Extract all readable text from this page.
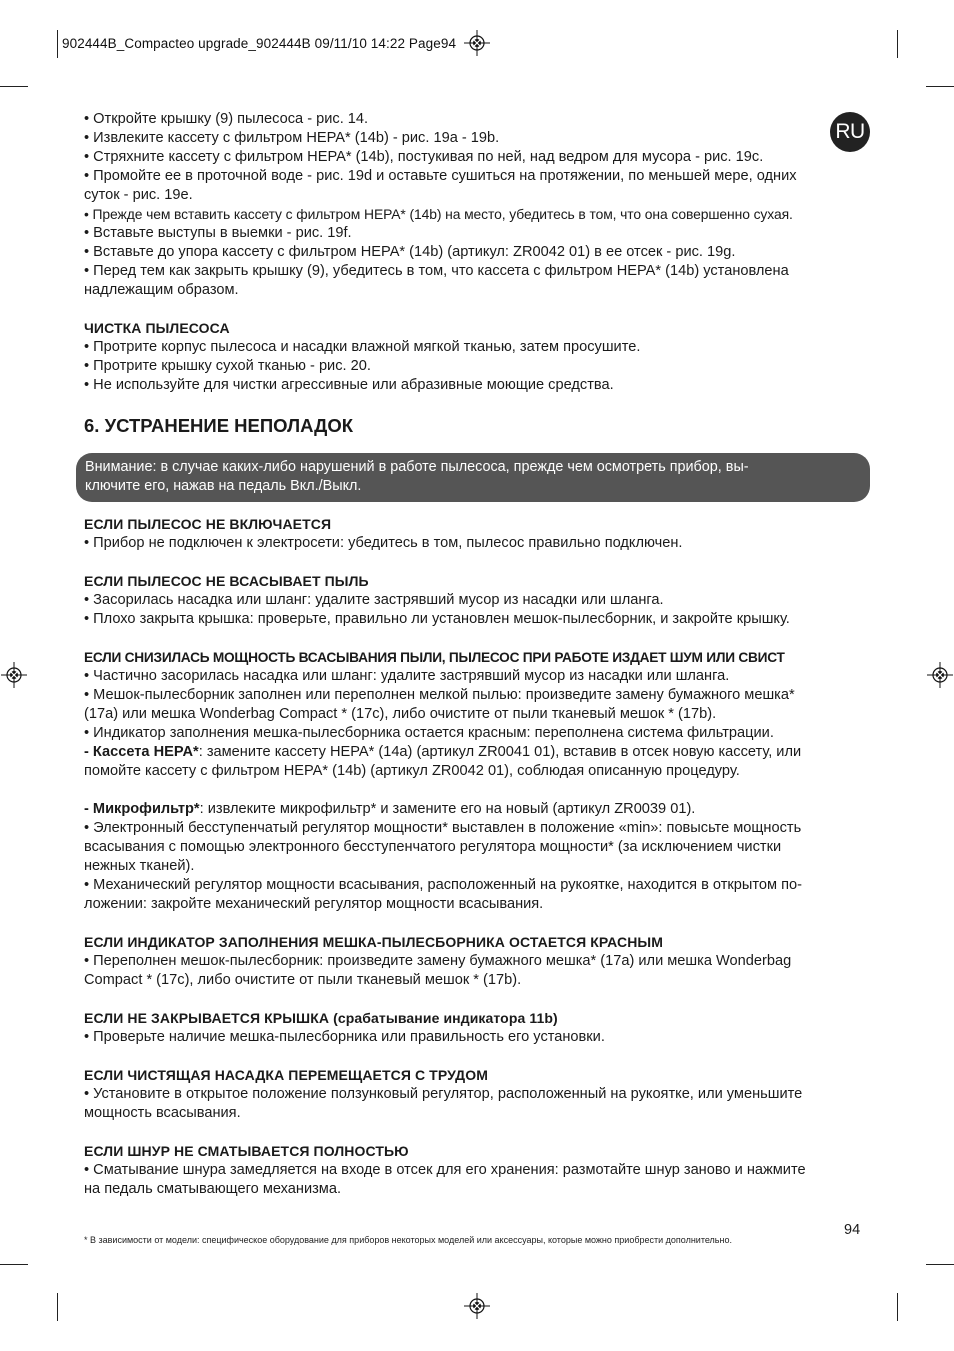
902444B_Compacteo upgrade_902444B 09/11/10 14:22 Page94
RU

• Откройте крышку (9) пылесоса - рис. 14.

• Извлеките кассету с фильтром HEPA* (14b) - рис. 19a - 19b.

• Стряхните кассету с фильтром HEPA* (14b), постукивая по ней, над ведром для мусора - рис. 19c.

• Промойте ее в проточной воде - рис. 19d и оставьте сушиться на протяжении, по меньшей мере, одних

суток - рис. 19e.

• Прежде чем вставить кассету с фильтром HEPA* (14b) на место, убедитесь в том, что она совершенно сухая.

• Вставьте выступы в выемки - рис. 19f.

• Вставьте до упора кассету с фильтром HEPA* (14b) (артикул: ZR0042 01) в ее отсек - рис. 19g.

• Перед тем как закрыть крышку (9), убедитесь в том, что кассета с фильтром HEPA* (14b) установлена

надлежащим образом.

ЧИСТКА ПЫЛЕСОСА

• Протрите корпус пылесоса и насадки влажной мягкой тканью, затем просушите.

• Протрите крышку сухой тканью - рис. 20.

• Не используйте для чистки агрессивные или абразивные моющие средства.

6. УСТРАНЕНИЕ НЕПОЛАДОК

ЕСЛИ ПЫЛЕСОС НЕ ВКЛЮЧАЕТСЯ

• Прибор не подключен к электросети: убедитесь в том, пылесос правильно подключен.

ЕСЛИ ПЫЛЕСОС НЕ ВСАСЫВАЕТ ПЫЛЬ

• Засорилась насадка или шланг: удалите застрявший мусор из насадки или шланга.

• Плохо закрыта крышка: проверьте, правильно ли установлен мешок-пылесборник, и закройте крышку.

ЕСЛИ СНИЗИЛАСЬ МОЩНОСТЬ ВСАСЫВАНИЯ ПЫЛИ, ПЫЛЕСОС ПРИ РАБОТЕ ИЗДАЕТ ШУМ ИЛИ СВИСТ

• Частично засорилась насадка или шланг: удалите застрявший мусор из насадки или шланга.

• Мешок-пылесборник заполнен или переполнен мелкой пылью: произведите замену бумажного мешка*

(17a) или мешка Wonderbag Compact * (17c), либо очистите от пыли тканевый мешок * (17b).

• Индикатор заполнения мешка-пылесборника остается красным: переполнена система фильтрации.

- Кассета HEPA*: замените кассету HEPA* (14a) (артикул ZR0041 01), вставив в отсек новую кассету, или

помойте кассету с фильтром HEPA* (14b) (артикул ZR0042 01), соблюдая описанную процедуру.

- Микрофильтр*: извлеките микрофильтр* и замените его на новый (артикул ZR0039 01).

• Электронный бесступенчатый регулятор мощности* выставлен в положение «min»: повысьте мощность

всасывания с помощью электронного бесступенчатого регулятора мощности* (за исключением чистки

нежных тканей).

• Механический регулятор мощности всасывания, расположенный на рукоятке, находится в открытом по-

ложении: закройте механический регулятор мощности всасывания.

ЕСЛИ ИНДИКАТОР ЗАПОЛНЕНИЯ МЕШКА-ПЫЛЕСБОРНИКА ОСТАЕТСЯ КРАСНЫМ

• Переполнен мешок-пылесборник: произведите замену бумажного мешка* (17a) или мешка Wonderbag

Compact * (17c), либо очистите от пыли тканевый мешок * (17b).

ЕСЛИ НЕ ЗАКРЫВАЕТСЯ КРЫШКА (срабатывание индикатора 11b)

• Проверьте наличие мешка-пылесборника или правильность его установки.

ЕСЛИ ЧИСТЯЩАЯ НАСАДКА ПЕРЕМЕЩАЕТСЯ С ТРУДОМ

• Установите в открытое положение ползунковый регулятор, расположенный на рукоятке, или уменьшите

мощность всасывания.

ЕСЛИ ШНУР НЕ СМАТЫВАЕТСЯ ПОЛНОСТЬЮ

• Сматывание шнура замедляется на входе в отсек для его хранения: размотайте шнур заново и нажмите

на педаль сматывающего механизма.

Внимание: в случае каких-либо нарушений в работе пылесоса, прежде чем осмотреть прибор, вы-
ключите его, нажав на педаль Вкл./Выкл.
94
* В зависимости от модели: специфическое оборудование для приборов некоторых моделей или аксессуары, которые можно приобрести дополнительно.
